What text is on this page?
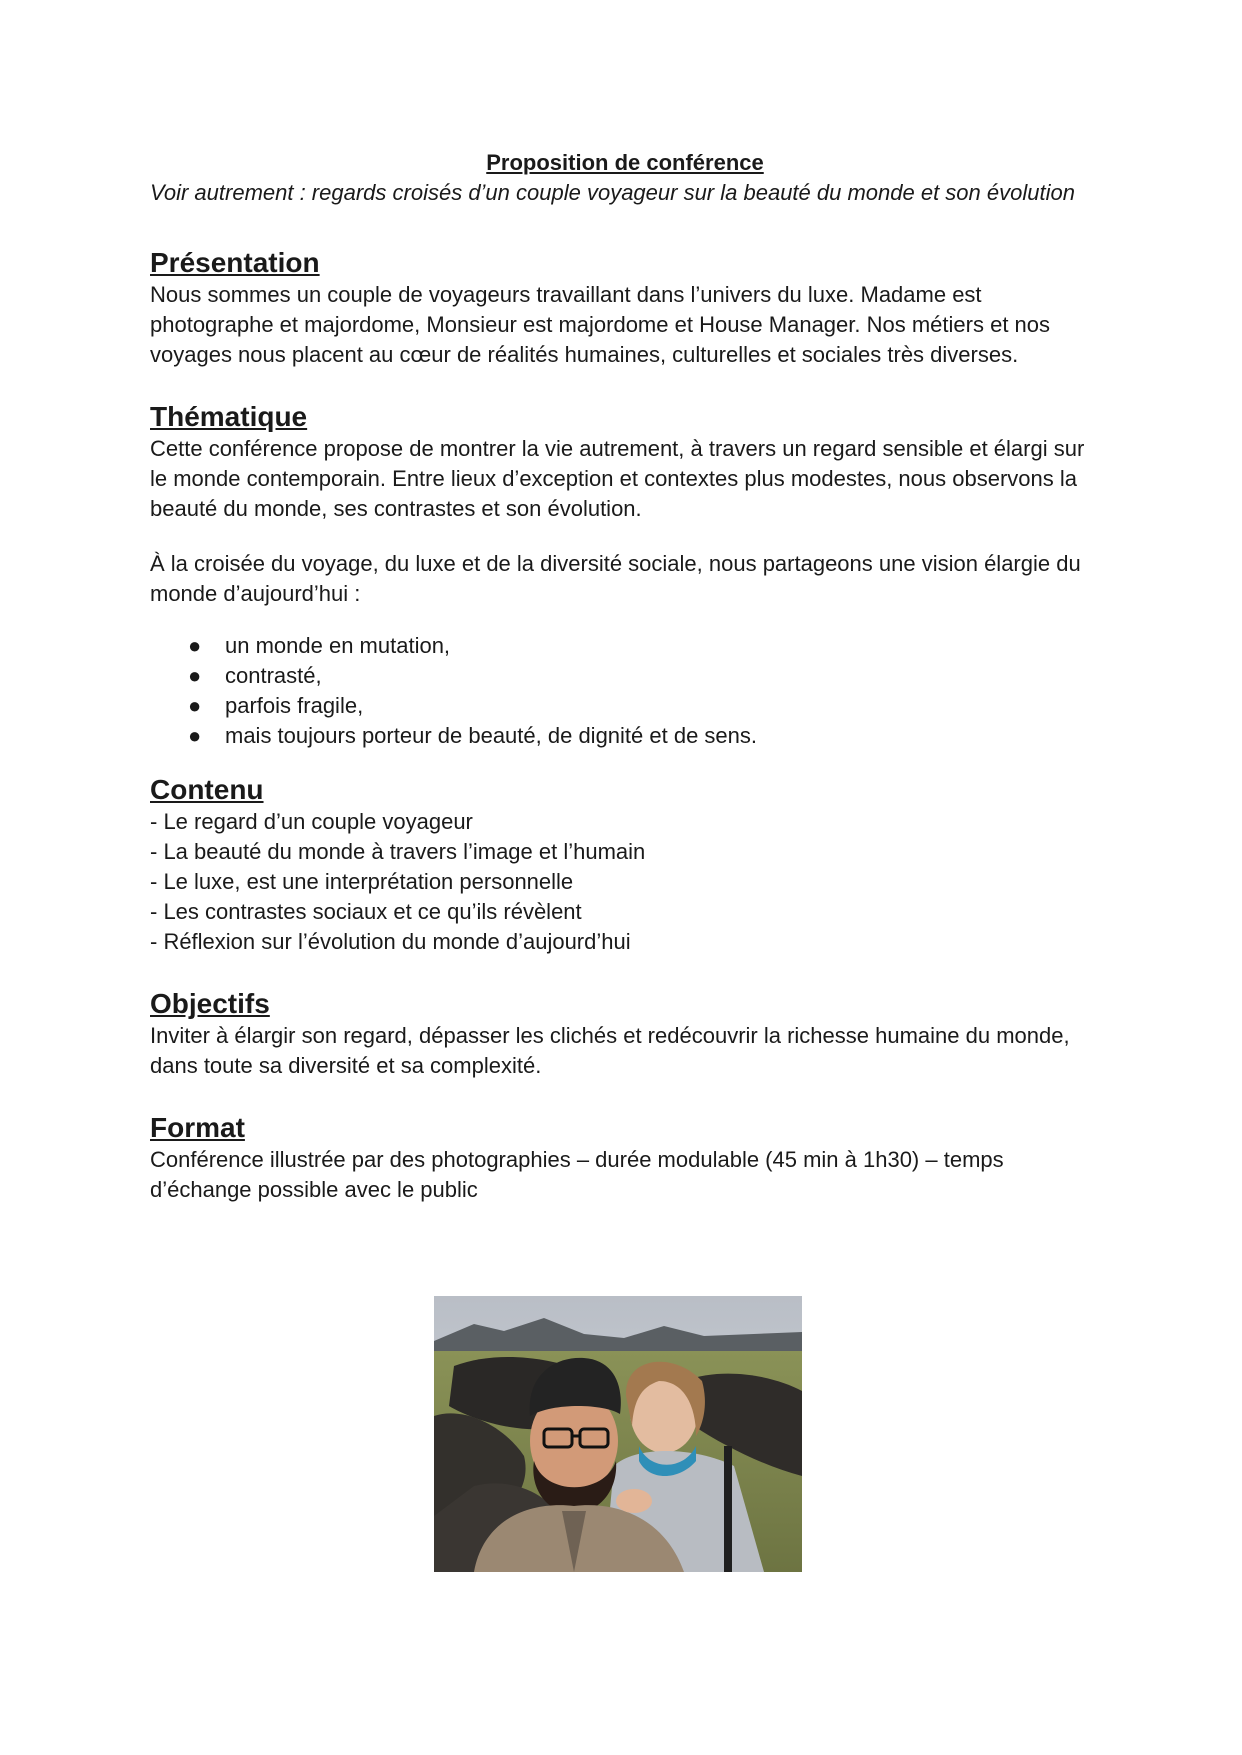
Proposition de conférence

Voir autrement : regards croisés d’un couple voyageur sur la beauté du monde et son évolution

Présentation

Nous sommes un couple de voyageurs travaillant dans l’univers du luxe. Madame est photographe et majordome, Monsieur est majordome et House Manager. Nos métiers et nos voyages nous placent au cœur de réalités humaines, culturelles et sociales très diverses.

Thématique

Cette conférence propose de montrer la vie autrement, à travers un regard sensible et élargi sur le monde contemporain. Entre lieux d’exception et contextes plus modestes, nous observons la beauté du monde, ses contrastes et son évolution.

À la croisée du voyage, du luxe et de la diversité sociale, nous partageons une vision élargie du monde d’aujourd’hui :

● un monde en mutation,
● contrasté,
● parfois fragile,
● mais toujours porteur de beauté, de dignité et de sens.
Contenu
- Le regard d’un couple voyageur
- La beauté du monde à travers l’image et l’humain
- Le luxe, est une interprétation personnelle
- Les contrastes sociaux et ce qu’ils révèlent
- Réflexion sur l’évolution du monde d’aujourd’hui
Objectifs

Inviter à élargir son regard, dépasser les clichés et redécouvrir la richesse humaine du monde, dans toute sa diversité et sa complexité.

Format

Conférence illustrée par des photographies – durée modulable (45 min à 1h30) – temps d’échange possible avec le public
